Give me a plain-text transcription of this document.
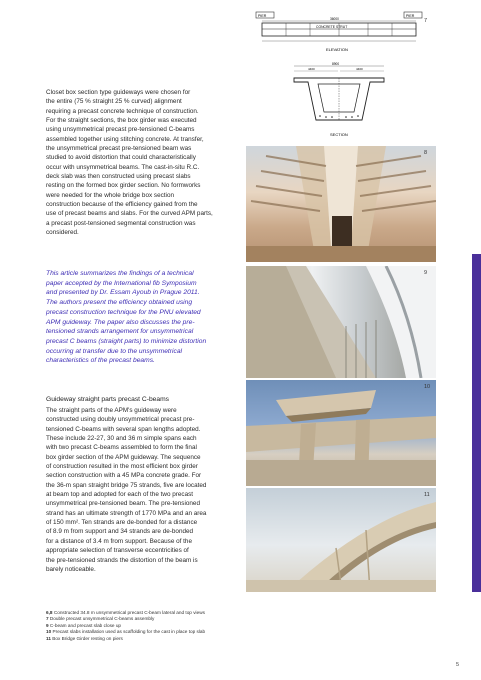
Closet box section type guideways were chosen for
the entire (75 % straight 25 % curved) alignment
requiring a precast concrete technique of construction.
For the straight sections, the box girder was executed
using unsymmetrical precast pre-tensioned C-beams
assembled together using stitching concrete. At transfer,
the unsymmetrical precast pre-tensioned beam was
studied to avoid distortion that could characteristically
occur with unsymmetrical beams. The cast-in-situ R.C.
deck slab was then constructed using precast slabs
resting on the formed box girder section. No formworks
were needed for the whole bridge box section
construction because of the efficiency gained from the
use of precast beams and slabs. For the curved APM parts,
a precast post-tensioned segmental construction was
considered.

This article summarizes the findings of a technical
paper accepted by the International fib Symposium
and presented by Dr. Essam Ayoub in Prague 2011.
The authors present the efficiency obtained using
precast construction technique for the PNU elevated
APM guideway. The paper also discusses the pre-
tensioned strands arrangement for unsymmetrical
precast C beams (straight parts) to minimize distortion
occurring at transfer due to the unsymmetrical
characteristics of the precast beams.
Guideway straight parts precast C-beams

The straight parts of the APM's guideway were
constructed using doubly unsymmetrical precast pre-
tensioned C-beams with several span lengths adopted.
These include 22-27, 30 and 36 m simple spans each
with two precast C-beams assembled to form the final
box girder section of the APM guideway. The sequence
of construction resulted in the most efficient box girder
section construction with a 45 MPa concrete grade. For
the 36-m span straight bridge 75 strands, five are located
at beam top and adopted for each of the two precast
unsymmetrical pre-tensioned beam. The pre-tensioned
strand has an ultimate strength of 1770 MPa and an area
of 150 mm². Ten strands are de-bonded for a distance
of 8.9 m from support and 34 strands are de-bonded
for a distance of 3.4 m from support. Because of the
appropriate selection of transverse eccentricities of
the pre-tensioned strands the distortion of the beam is
barely noticeable.

6,8 Constructed 34.8 m unsymmetrical precast C-beam lateral and top views
7 Double precast unsymmetrical C-beams assembly
9 C-beam and precast slab close up
10 Precast slabs installation used as scaffolding for the cast in place top slab
11 Box Bridge Girder resting on piers
5
PIER	PIER
36000
CONCRETE STRUT
ELEVATION
8900
4400	4400
SECTION
7
8
9
10
11
